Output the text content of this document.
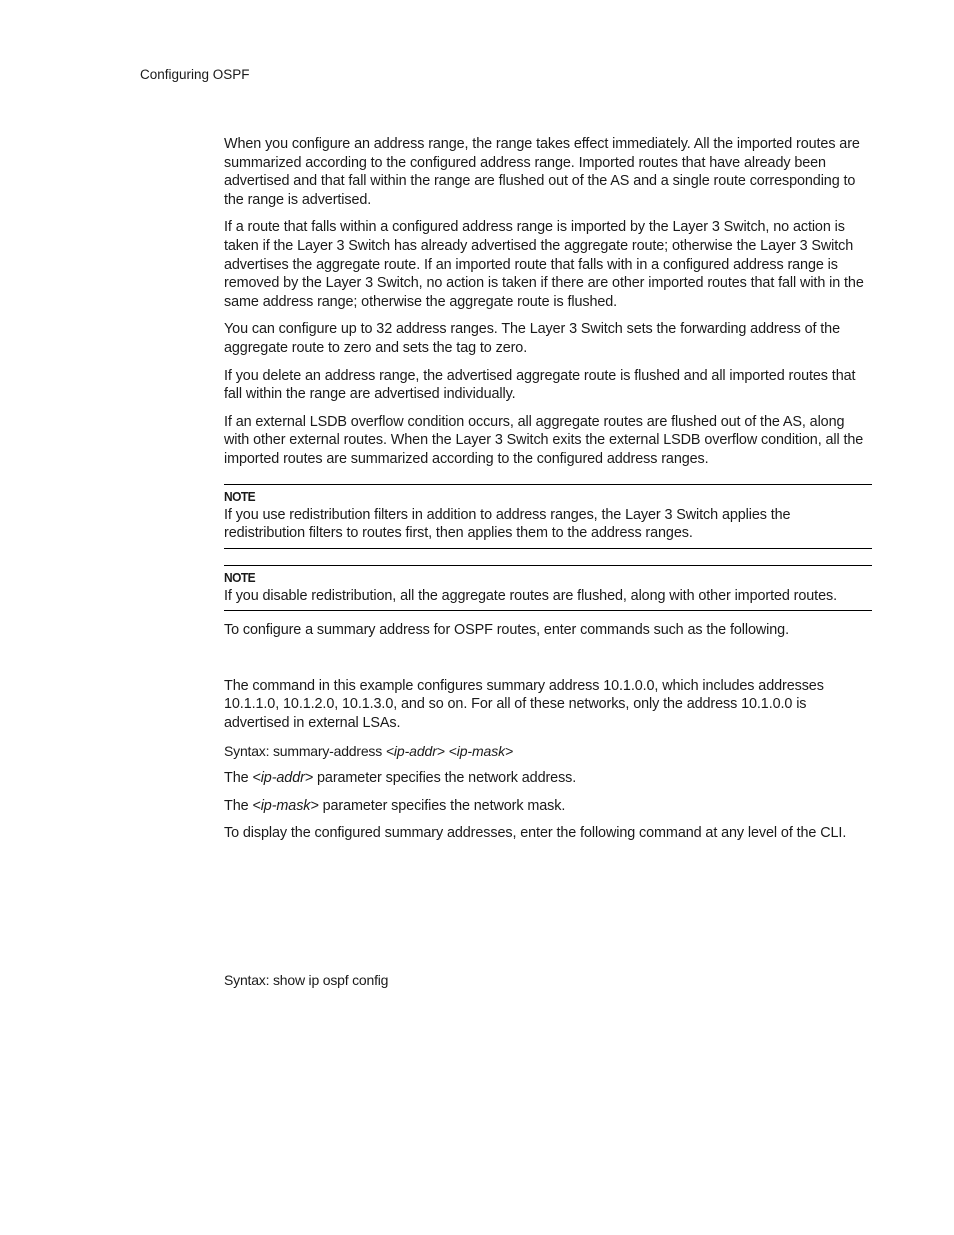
Configuring OSPF

When you configure an address range, the range takes effect immediately. All the imported routes are summarized according to the configured address range. Imported routes that have already been advertised and that fall within the range are flushed out of the AS and a single route corresponding to the range is advertised.

If a route that falls within a configured address range is imported by the Layer 3 Switch, no action is taken if the Layer 3 Switch has already advertised the aggregate route; otherwise the Layer 3 Switch advertises the aggregate route. If an imported route that falls with in a configured address range is removed by the Layer 3 Switch, no action is taken if there are other imported routes that fall with in the same address range; otherwise the aggregate route is flushed.

You can configure up to 32 address ranges. The Layer 3 Switch sets the forwarding address of the aggregate route to zero and sets the tag to zero.

If you delete an address range, the advertised aggregate route is flushed and all imported routes that fall within the range are advertised individually.

If an external LSDB overflow condition occurs, all aggregate routes are flushed out of the AS, along with other external routes. When the Layer 3 Switch exits the external LSDB overflow condition, all the imported routes are summarized according to the configured address ranges.

NOTE

If you use redistribution filters in addition to address ranges, the Layer 3 Switch applies the redistribution filters to routes first, then applies them to the address ranges.

NOTE

If you disable redistribution, all the aggregate routes are flushed, along with other imported routes.

To configure a summary address for OSPF routes, enter commands such as the following.

The command in this example configures summary address 10.1.0.0, which includes addresses 10.1.1.0, 10.1.2.0, 10.1.3.0, and so on. For all of these networks, only the address 10.1.0.0 is advertised in external LSAs.

Syntax: summary-address <ip-addr> <ip-mask>

The <ip-addr> parameter specifies the network address.

The <ip-mask> parameter specifies the network mask.

To display the configured summary addresses, enter the following command at any level of the CLI.

Syntax: show ip ospf config
